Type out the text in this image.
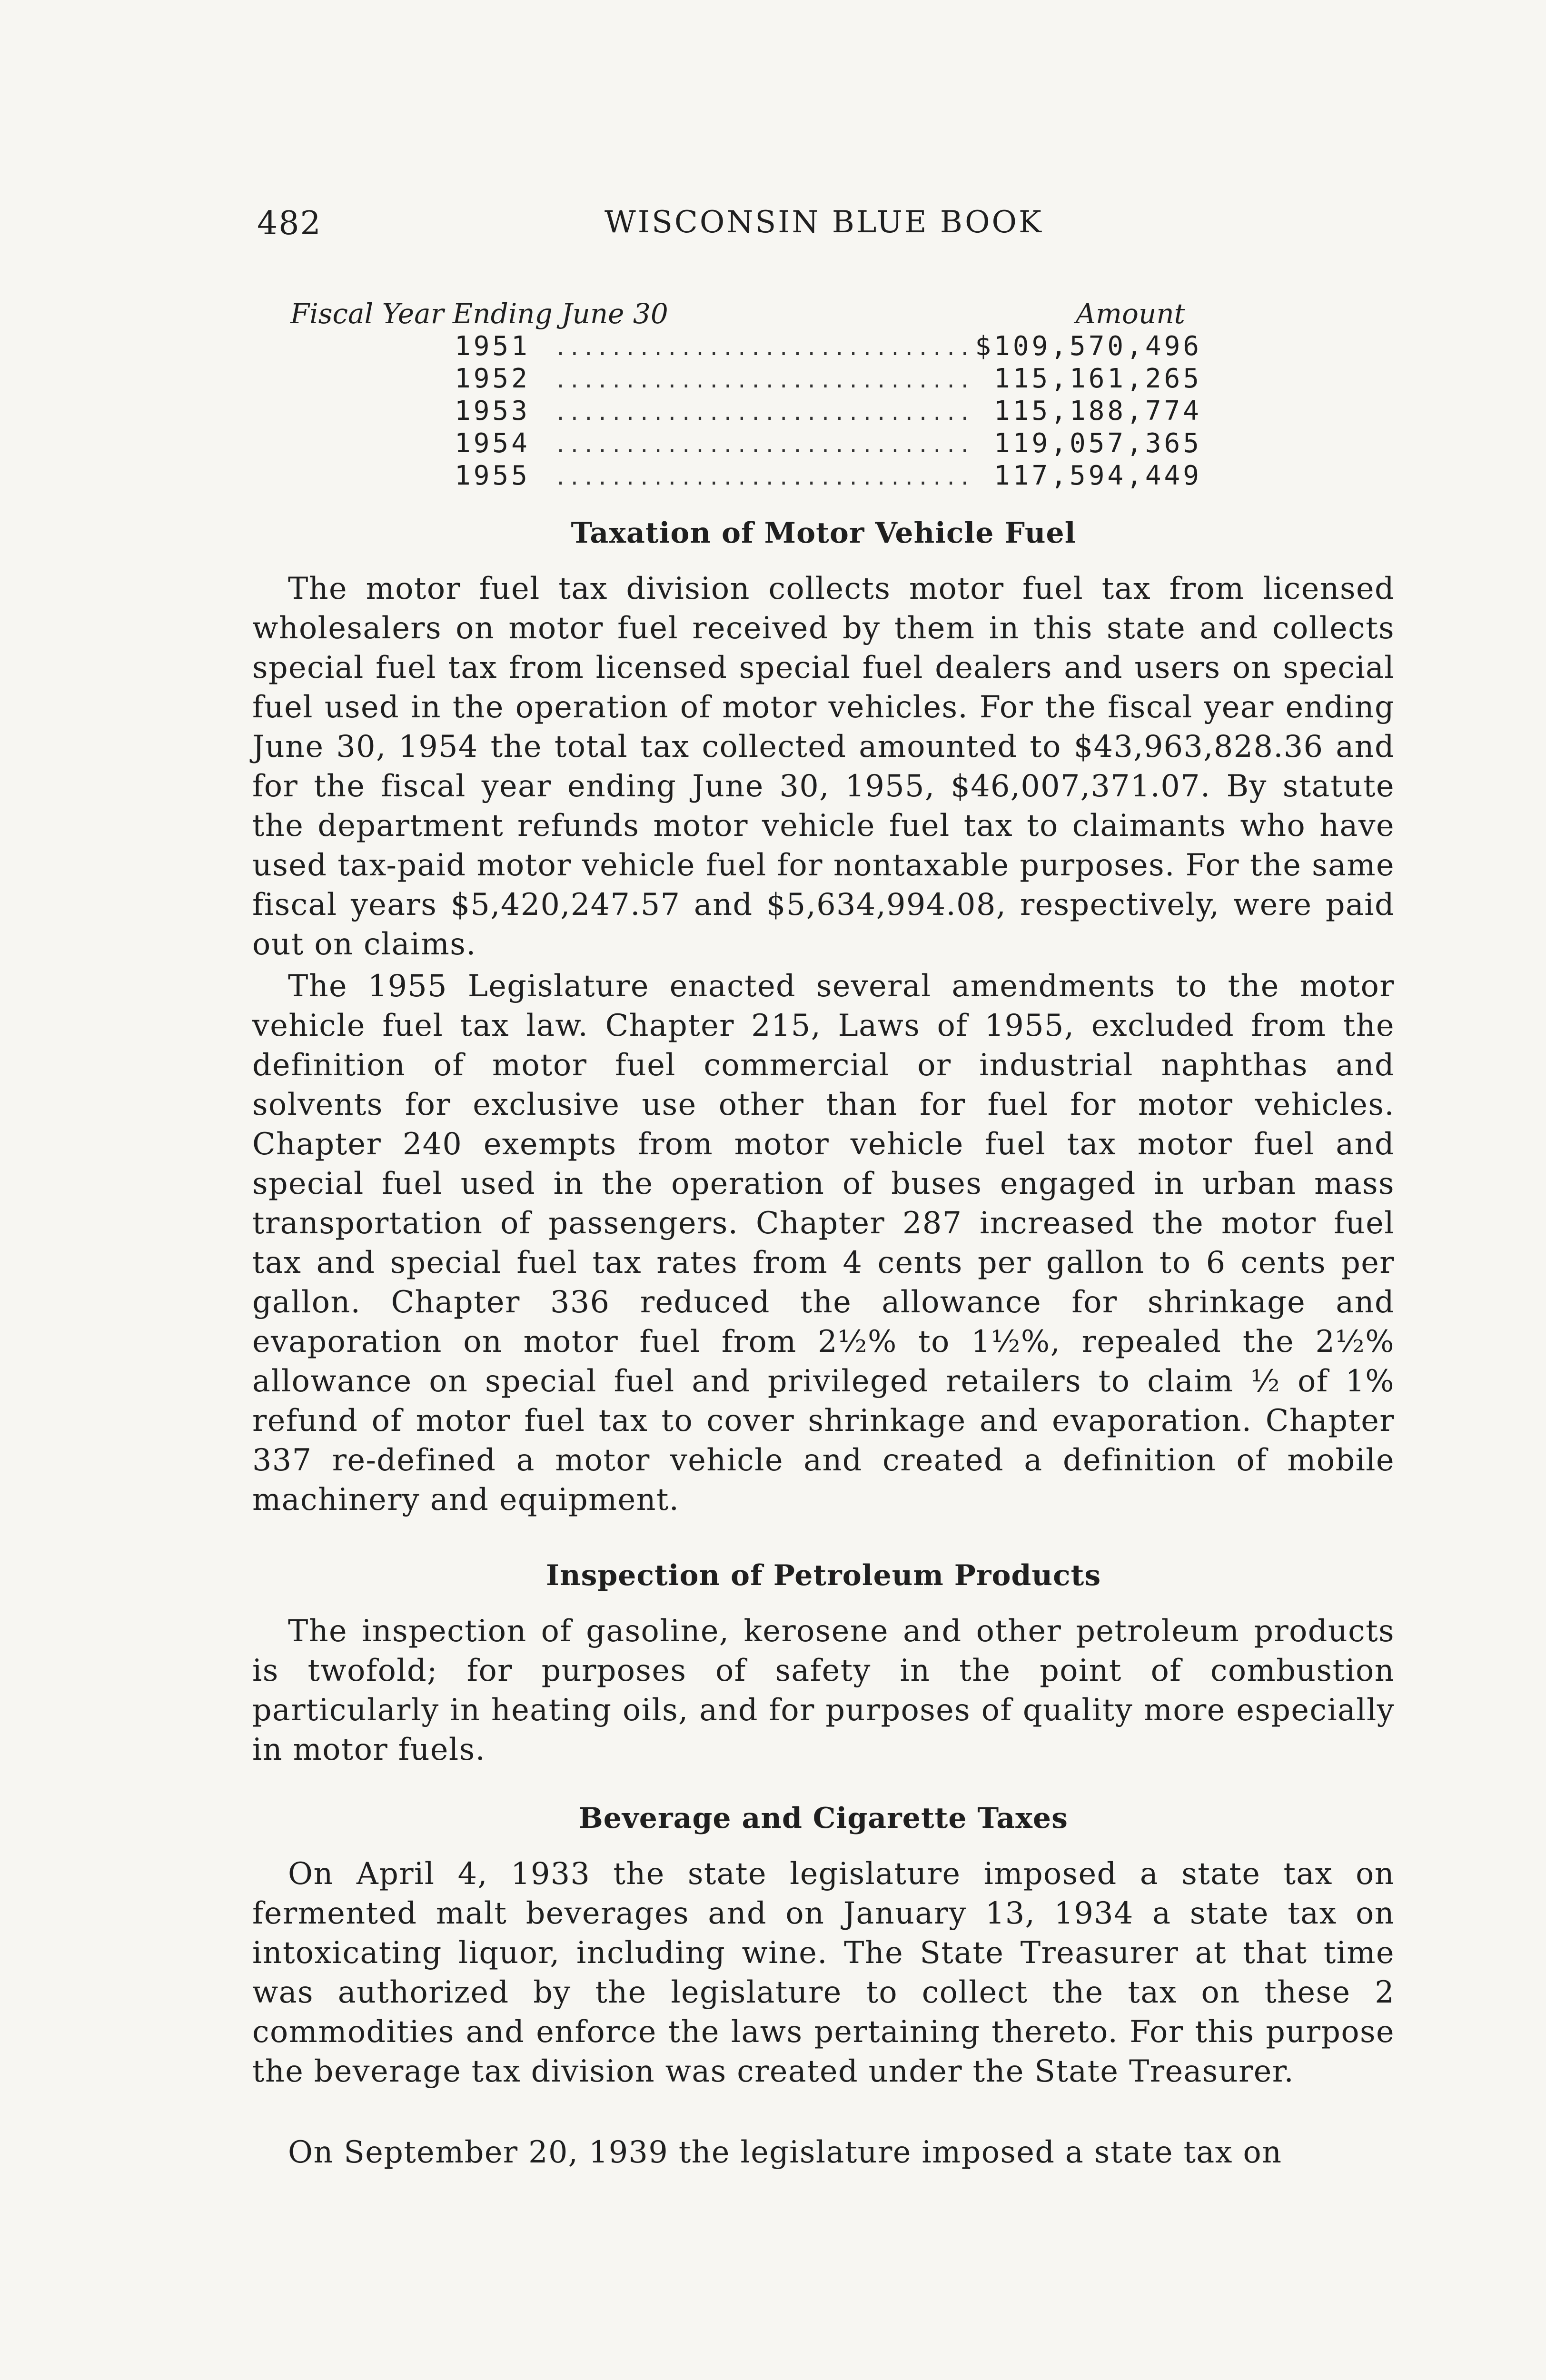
482	WISCONSIN BLUE BOOK
Fiscal Year Ending June 30	Amount
1951 .....	$109,570,496
1952 .....	115,161,265
1953 .....	115,188,774
1954 .....	119,057,365
1955 .....	117,594,449
Taxation of Motor Vehicle Fuel

The motor fuel tax division collects motor fuel tax from licensed wholesalers on motor fuel received by them in this state and collects special fuel tax from licensed special fuel dealers and users on special fuel used in the operation of motor vehicles. For the fiscal year ending June 30, 1954 the total tax collected amounted to $43,963,828.36 and for the fiscal year ending June 30, 1955, $46,007,371.07. By statute the department refunds motor vehicle fuel tax to claimants who have used tax-paid motor vehicle fuel for nontaxable purposes. For the same fiscal years $5,420,247.57 and $5,634,994.08, respectively, were paid out on claims.

The 1955 Legislature enacted several amendments to the motor vehicle fuel tax law. Chapter 215, Laws of 1955, excluded from the definition of motor fuel commercial or industrial naphthas and solvents for exclusive use other than for fuel for motor vehicles. Chapter 240 exempts from motor vehicle fuel tax motor fuel and special fuel used in the operation of buses engaged in urban mass transportation of passengers. Chapter 287 increased the motor fuel tax and special fuel tax rates from 4 cents per gallon to 6 cents per gallon. Chapter 336 reduced the allowance for shrinkage and evaporation on motor fuel from 2½% to 1½%, repealed the 2½% allowance on special fuel and privileged retailers to claim ½ of 1% refund of motor fuel tax to cover shrinkage and evaporation. Chapter 337 re-defined a motor vehicle and created a definition of mobile machinery and equipment.

Inspection of Petroleum Products

The inspection of gasoline, kerosene and other petroleum products is twofold; for purposes of safety in the point of combustion particularly in heating oils, and for purposes of quality more especially in motor fuels.

Beverage and Cigarette Taxes

On April 4, 1933 the state legislature imposed a state tax on fermented malt beverages and on January 13, 1934 a state tax on intoxicating liquor, including wine. The State Treasurer at that time was authorized by the legislature to collect the tax on these 2 commodities and enforce the laws pertaining thereto. For this purpose the beverage tax division was created under the State Treasurer.

On September 20, 1939 the legislature imposed a state tax on
